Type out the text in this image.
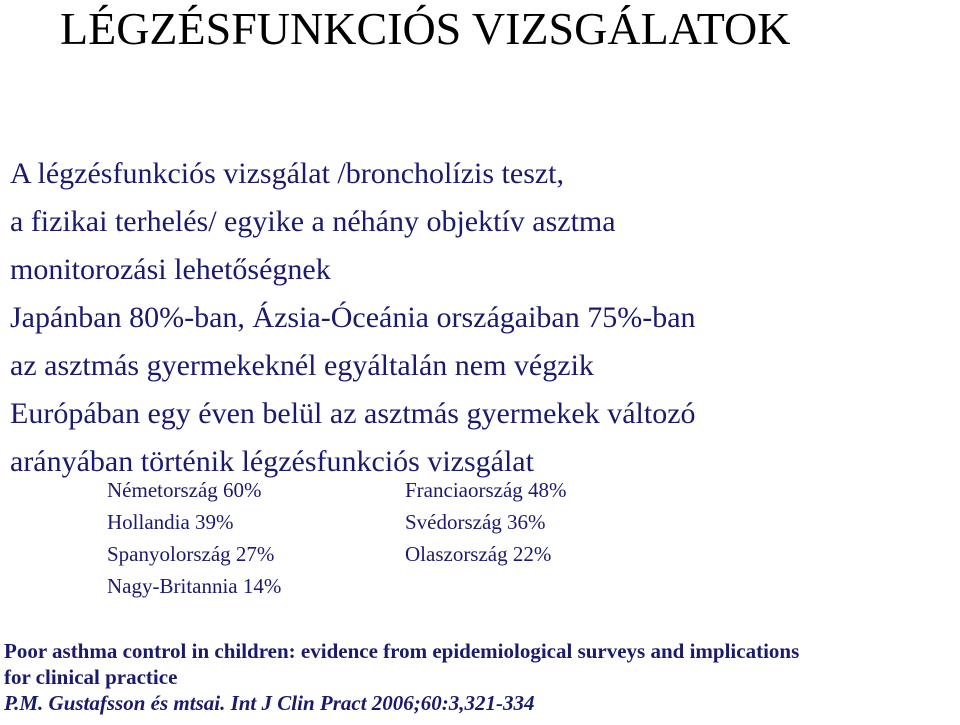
LÉGZÉSFUNKCIÓS VIZSGÁLATOK
A légzésfunkciós vizsgálat /broncholízis teszt,
a fizikai terhelés/ egyike a néhány objektív asztma
monitorozási lehetőségnek
Japánban 80%-ban, Ázsia-Óceánia országaiban 75%-ban
az asztmás gyermekeknél egyáltalán nem végzik
Európában egy éven belül az asztmás gyermekek változó
arányában történik légzésfunkciós vizsgálat
Németország 60%	Franciaország 48%
Hollandia 39%	Svédország 36%
Spanyolország 27%	Olaszország 22%
Nagy-Britannia 14%
Poor asthma control in children: evidence from epidemiological surveys and implications
for clinical practice
P.M. Gustafsson és mtsai. Int J Clin Pract 2006;60:3,321-334
